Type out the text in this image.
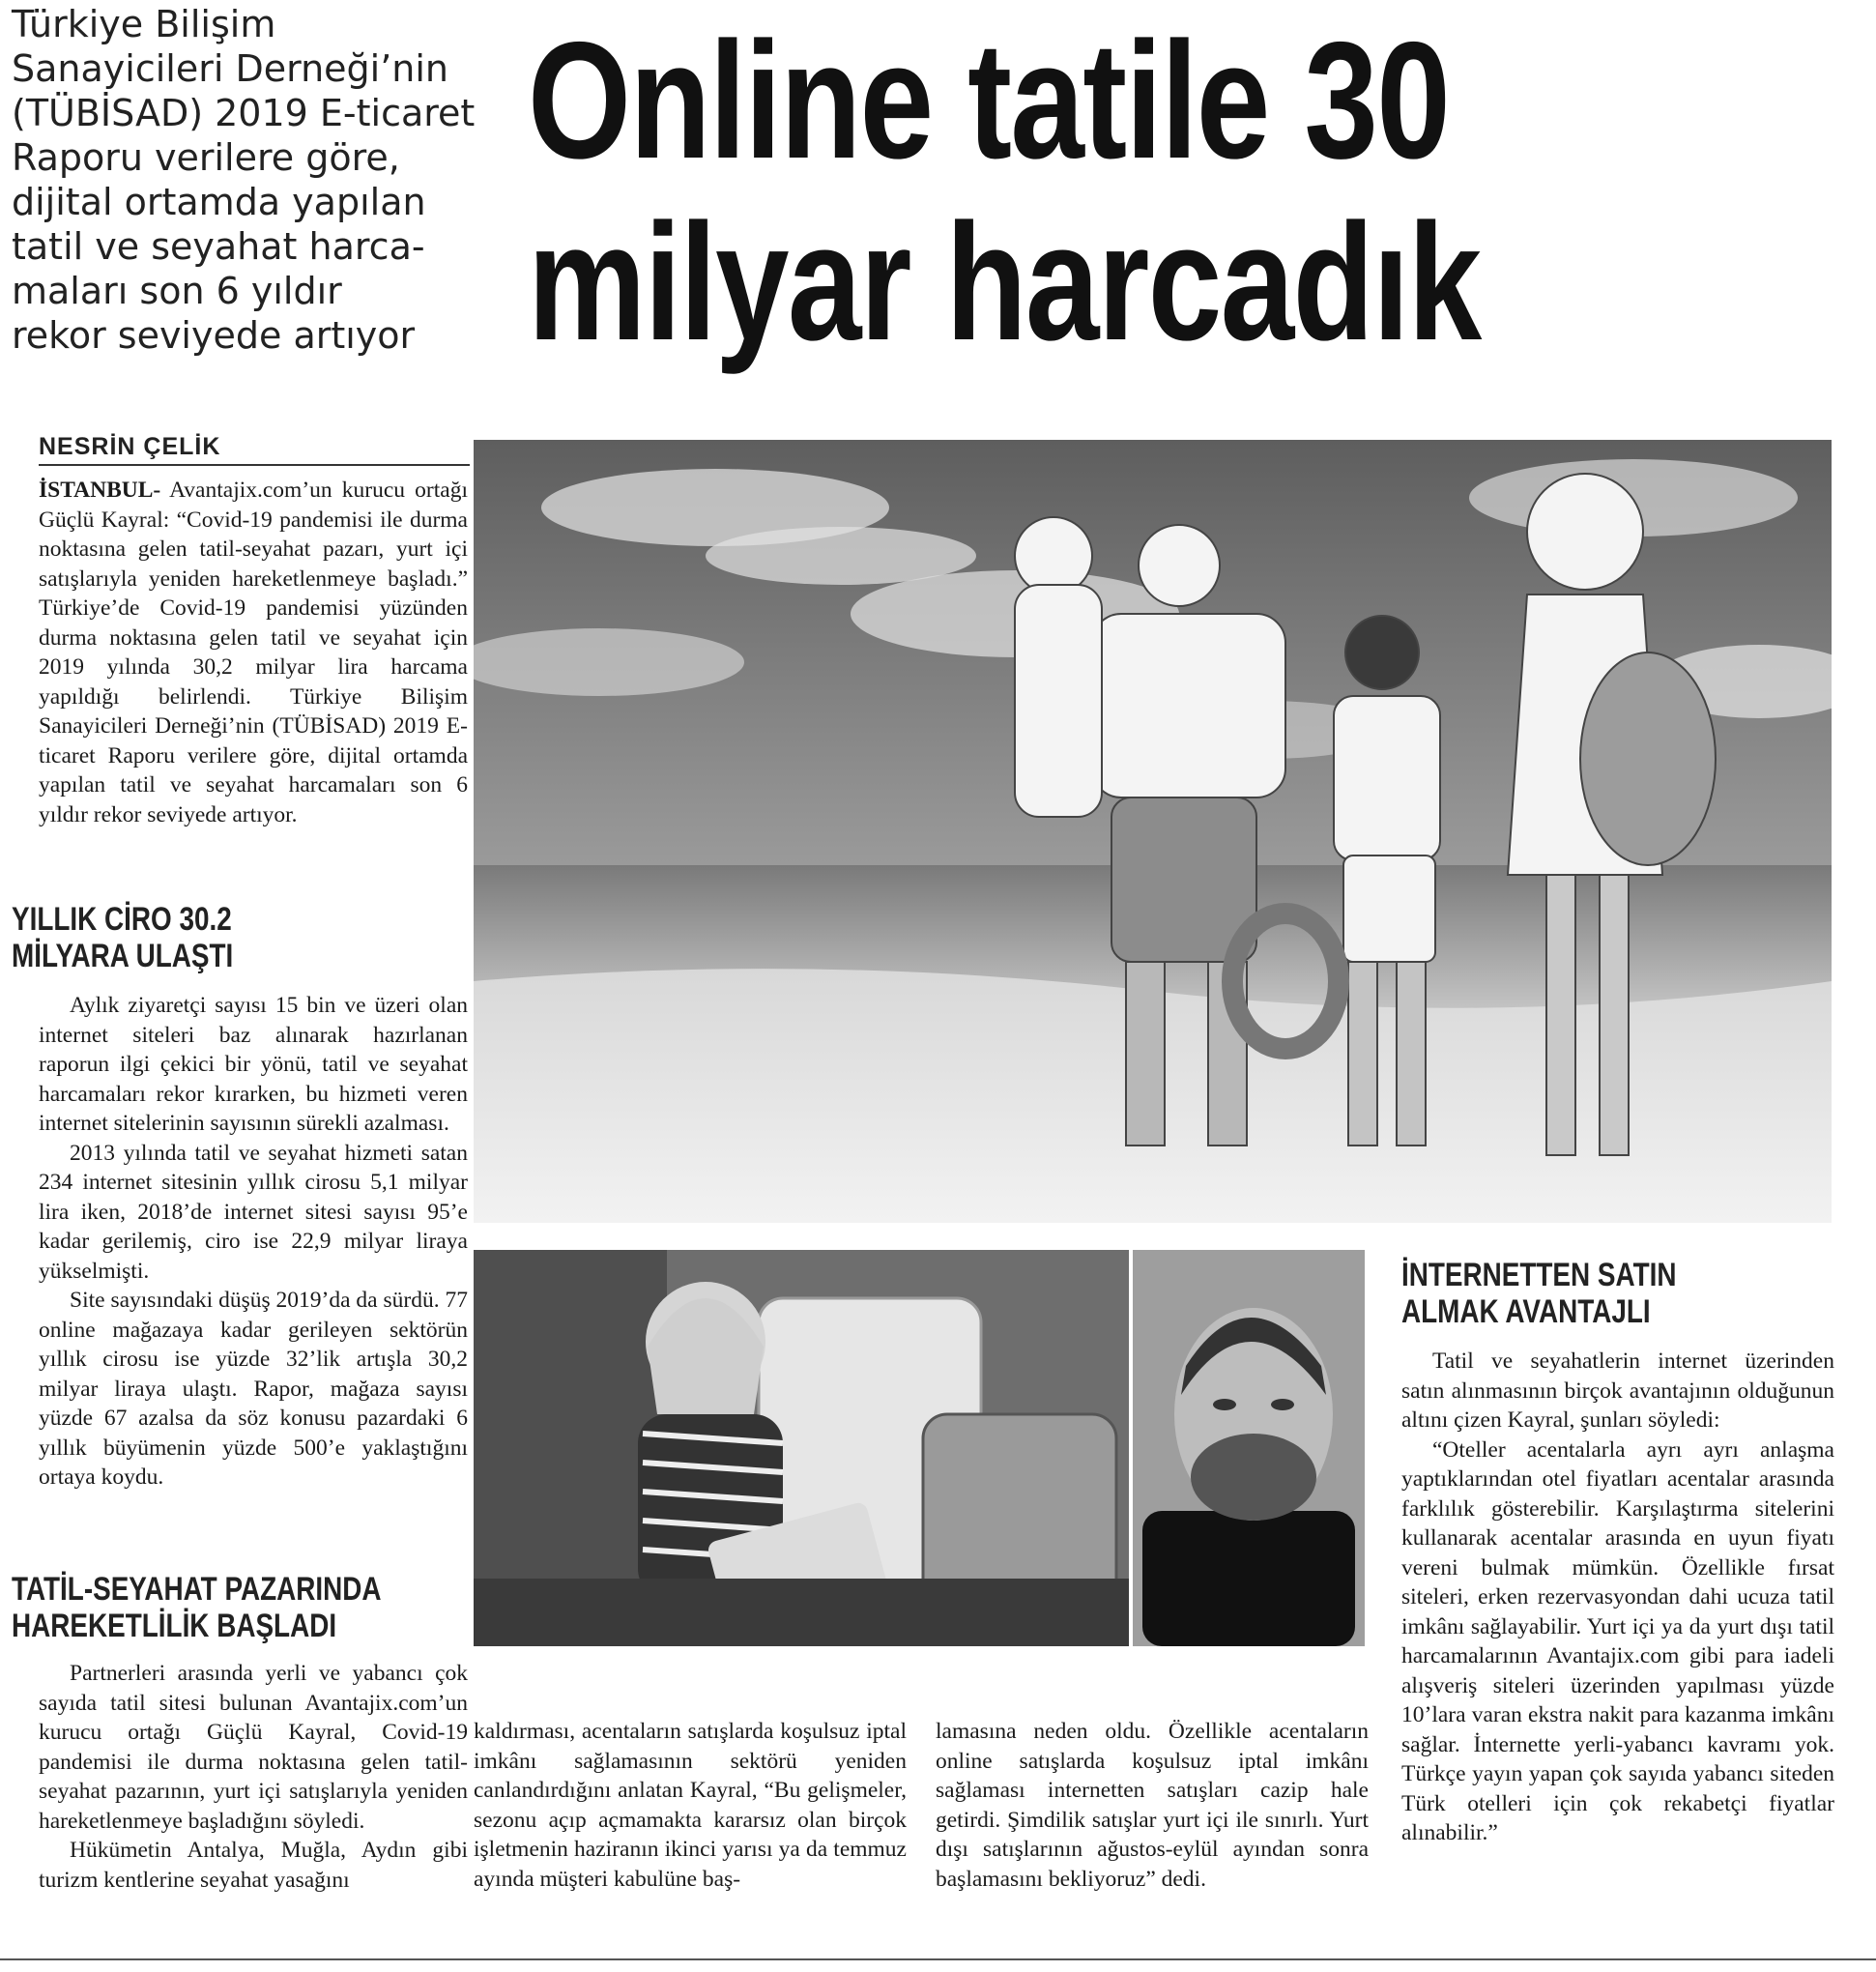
Türkiye Bilişim
Sanayicileri Derneği’nin
(TÜBİSAD) 2019 E-ticaret
Raporu verilere göre,
dijital ortamda yapılan
tatil ve seyahat harca-
maları son 6 yıldır
rekor seviyede artıyor
Online tatile 30
milyar harcadık
NESRİN ÇELİK

İSTANBUL- Avantajix.com’un kurucu ortağı Güçlü Kayral: “Covid-19 pandemisi ile durma noktasına gelen tatil-seyahat pazarı, yurt içi satışlarıyla yeniden hareketlenmeye başladı.” Türkiye’de Covid-19 pandemisi yüzünden durma noktasına gelen tatil ve seyahat için 2019 yılında 30,2 milyar lira harcama yapıldığı belirlendi. Türkiye Bilişim Sanayicileri Derneği’nin (TÜBİSAD) 2019 E-ticaret Raporu verilere göre, dijital ortamda yapılan tatil ve seyahat harcamaları son 6 yıldır rekor seviyede artıyor.

YILLIK CİRO 30.2
MİLYARA ULAŞTI

Aylık ziyaretçi sayısı 15 bin ve üzeri olan internet siteleri baz alınarak hazırlanan raporun ilgi çekici bir yönü, tatil ve seyahat harcamaları rekor kırarken, bu hizmeti veren internet sitelerinin sayısının sürekli azalması.

2013 yılında tatil ve seyahat hizmeti satan 234 internet sitesinin yıllık cirosu 5,1 milyar lira iken, 2018’de internet sitesi sayısı 95’e kadar gerilemiş, ciro ise 22,9 milyar liraya yükselmişti.

Site sayısındaki düşüş 2019’da da sürdü. 77 online mağazaya kadar gerileyen sektörün yıllık cirosu ise yüzde 32’lik artışla 30,2 milyar liraya ulaştı. Rapor, mağaza sayısı yüzde 67 azalsa da söz konusu pazardaki 6 yıllık büyümenin yüzde 500’e yaklaştığını ortaya koydu.

TATİL-SEYAHAT PAZARINDA
HAREKETLİLİK BAŞLADI

Partnerleri arasında yerli ve yabancı çok sayıda tatil sitesi bulunan Avantajix.com’un kurucu ortağı Güçlü Kayral, Covid-19 pandemisi ile durma noktasına gelen tatil-seyahat pazarının, yurt içi satışlarıyla yeniden hareketlenmeye başladığını söyledi.

Hükümetin Antalya, Muğla, Aydın gibi turizm kentlerine seyahat yasağını

kaldırması, acentaların satışlarda koşulsuz iptal imkânı sağlamasının sektörü yeniden canlandırdığını anlatan Kayral, “Bu gelişmeler, sezonu açıp açmamakta kararsız olan birçok işletmenin haziranın ikinci yarısı ya da temmuz ayında müşteri kabulüne baş-

lamasına neden oldu. Özellikle acentaların online satışlarda koşulsuz iptal imkânı sağlaması internetten satışları cazip hale getirdi. Şimdilik satışlar yurt içi ile sınırlı. Yurt dışı satışlarının ağustos-eylül ayından sonra başlamasını bekliyoruz” dedi.

İNTERNETTEN SATIN
ALMAK AVANTAJLI

Tatil ve seyahatlerin internet üzerinden satın alınmasının birçok avantajının olduğunun altını çizen Kayral, şunları söyledi:

“Oteller acentalarla ayrı ayrı anlaşma yaptıklarından otel fiyatları acentalar arasında farklılık gösterebilir. Karşılaştırma sitelerini kullanarak acentalar arasında en uyun fiyatı vereni bulmak mümkün. Özellikle fırsat siteleri, erken rezervasyondan dahi ucuza tatil imkânı sağlayabilir. Yurt içi ya da yurt dışı tatil harcamalarının Avantajix.com gibi para iadeli alışveriş siteleri üzerinden yapılması yüzde 10’lara varan ekstra nakit para kazanma imkânı sağlar. İnternette yerli-yabancı kavramı yok. Türkçe yayın yapan çok sayıda yabancı siteden Türk otelleri için çok rekabetçi fiyatlar alınabilir.”
